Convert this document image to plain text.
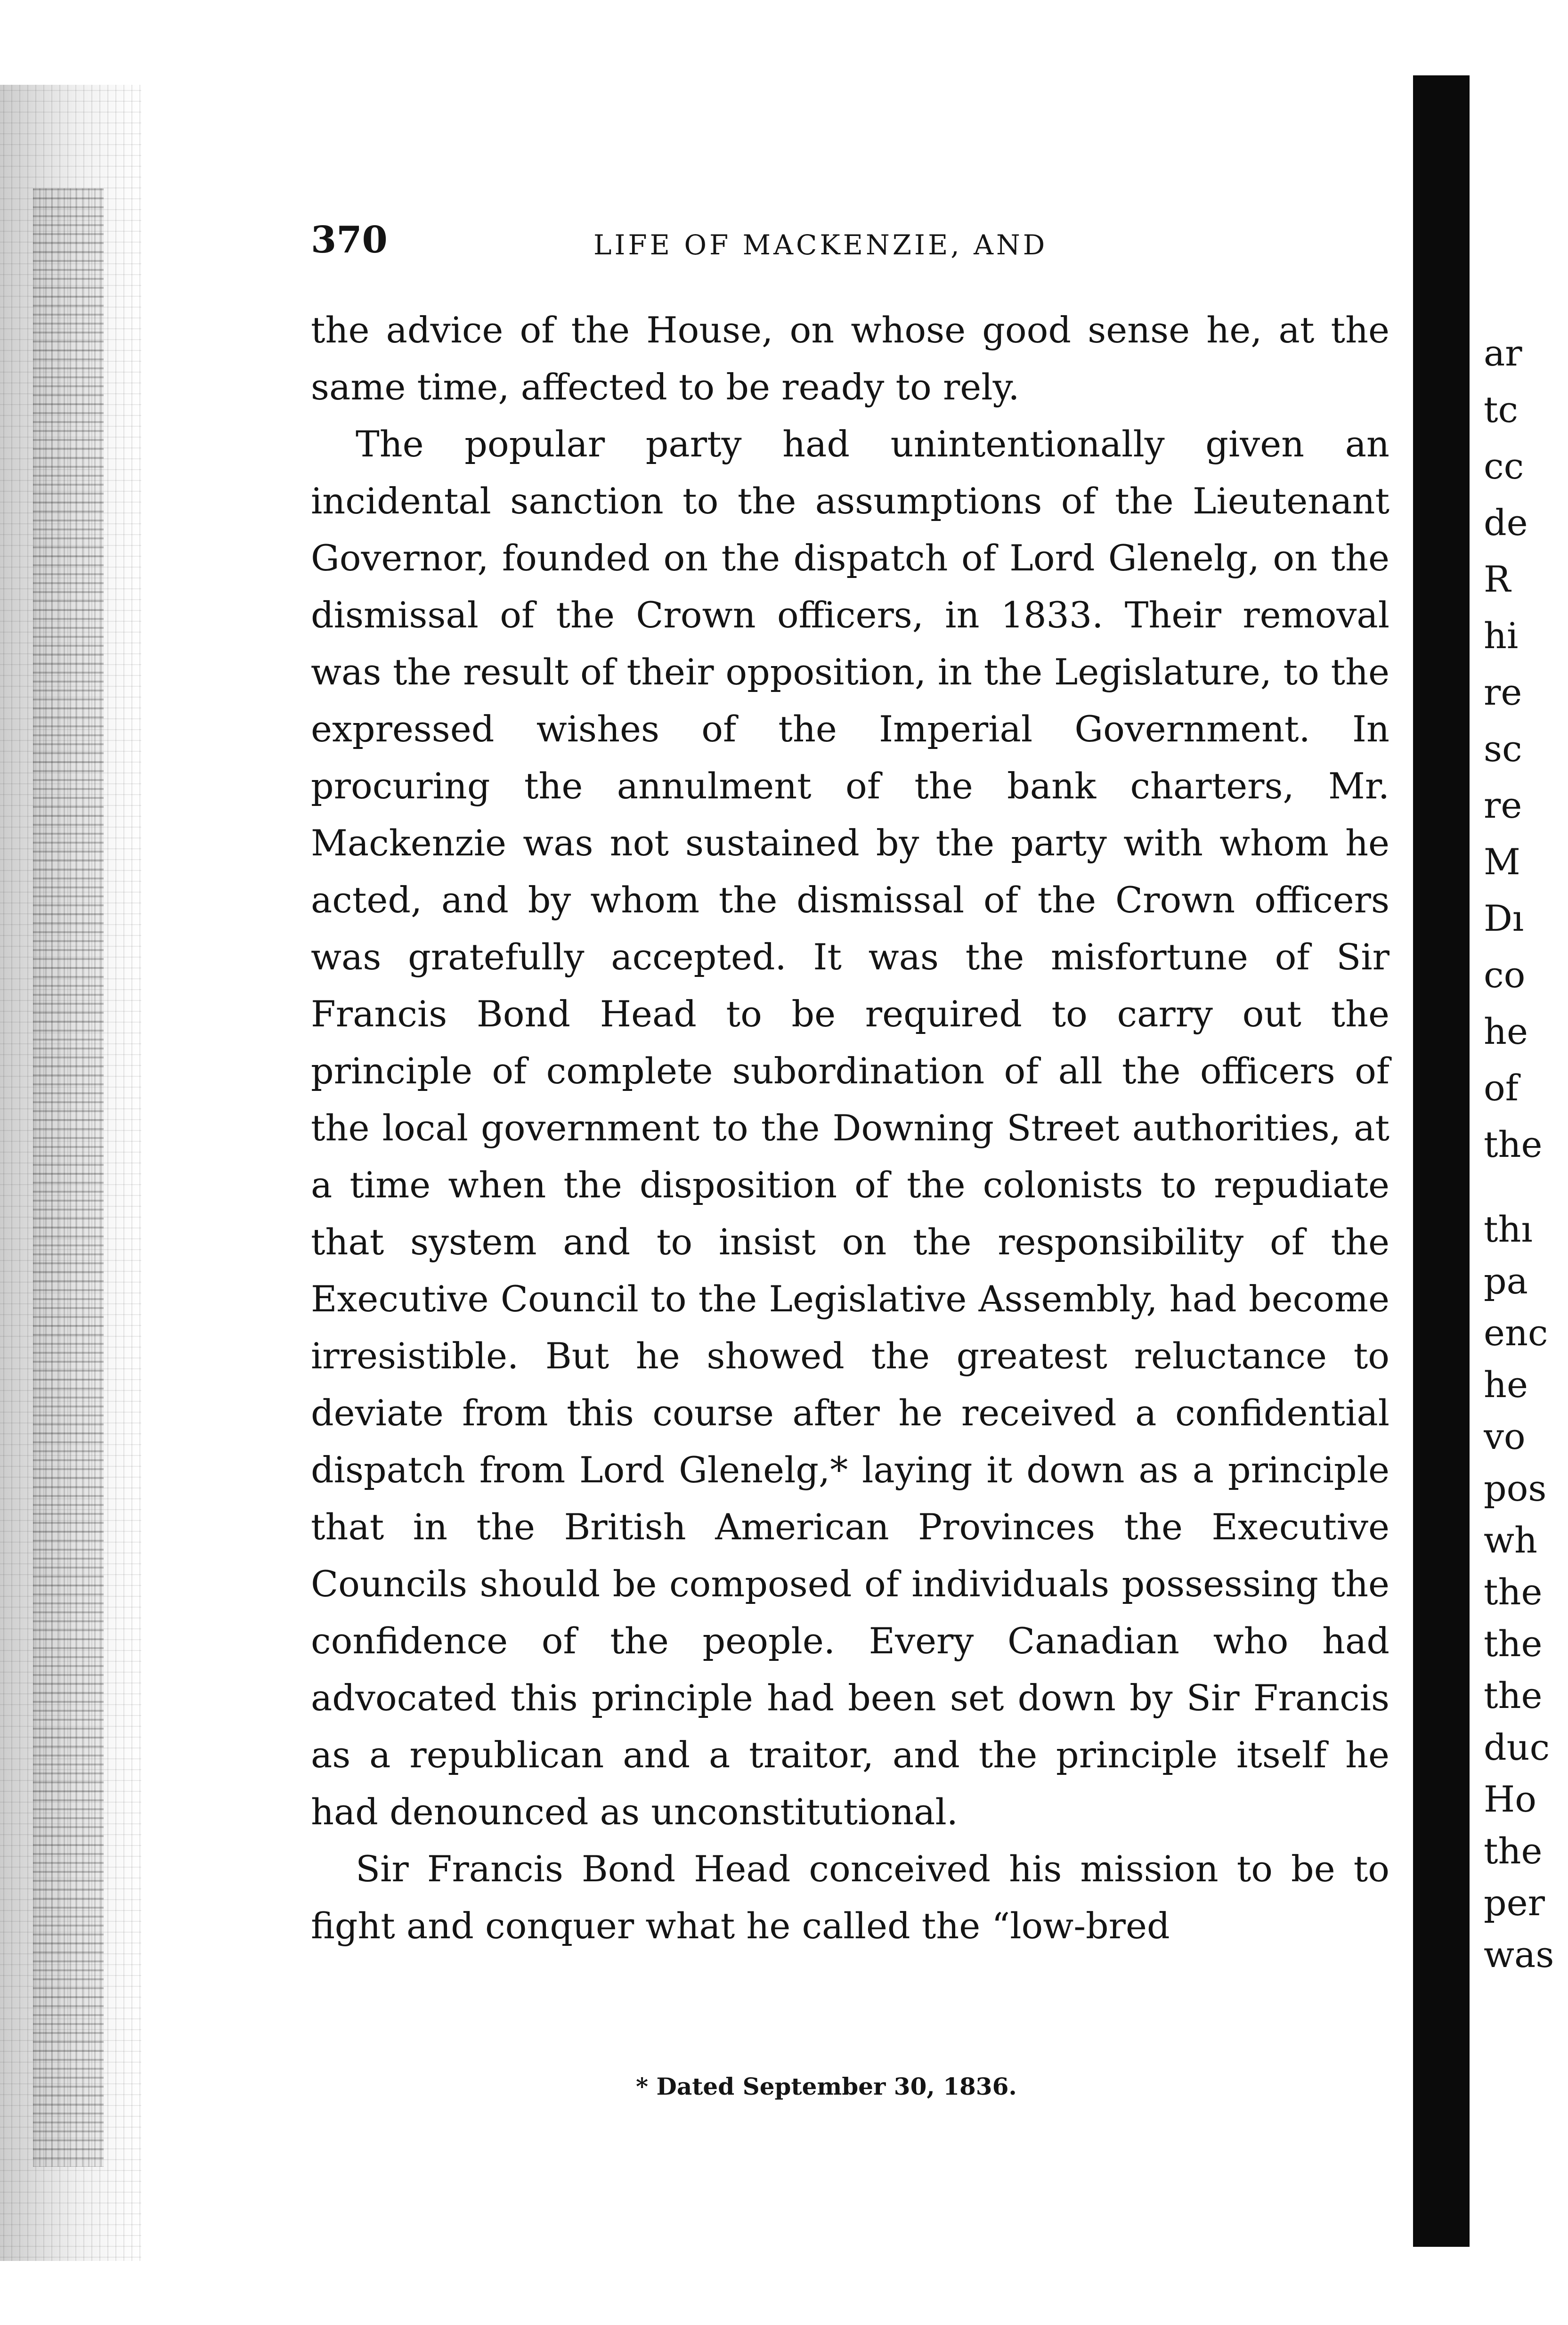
370	LIFE OF MACKENZIE, AND

the advice of the House, on whose good sense he, at the same time, affected to be ready to rely.

The popular party had unintentionally given an incidental sanction to the assumptions of the Lieutenant Governor, founded on the dispatch of Lord Glenelg, on the dismissal of the Crown officers, in 1833. Their removal was the result of their opposition, in the Legislature, to the expressed wishes of the Imperial Government. In procuring the annulment of the bank charters, Mr. Mackenzie was not sustained by the party with whom he acted, and by whom the dismissal of the Crown officers was gratefully accepted. It was the misfortune of Sir Francis Bond Head to be required to carry out the principle of complete subordination of all the officers of the local government to the Downing Street authorities, at a time when the disposition of the colonists to repudiate that system and to insist on the responsibility of the Executive Council to the Legislative Assembly, had become irresistible. But he showed the greatest reluctance to deviate from this course after he received a confidential dispatch from Lord Glenelg,* laying it down as a principle that in the British American Provinces the Executive Councils should be composed of individuals possessing the confidence of the people. Every Canadian who had advocated this principle had been set down by Sir Francis as a republican and a traitor, and the principle itself he had denounced as unconstitutional.

Sir Francis Bond Head conceived his mission to be to fight and conquer what he called the “low-bred

* Dated September 30, 1836.
ar
tc
cc
de
R
hi
re
sc
re
M
Dı
co
he
of
the
thı
pa
enc
he
vo
pos
wh
the
the
the
duc
Ho
the
per
was
